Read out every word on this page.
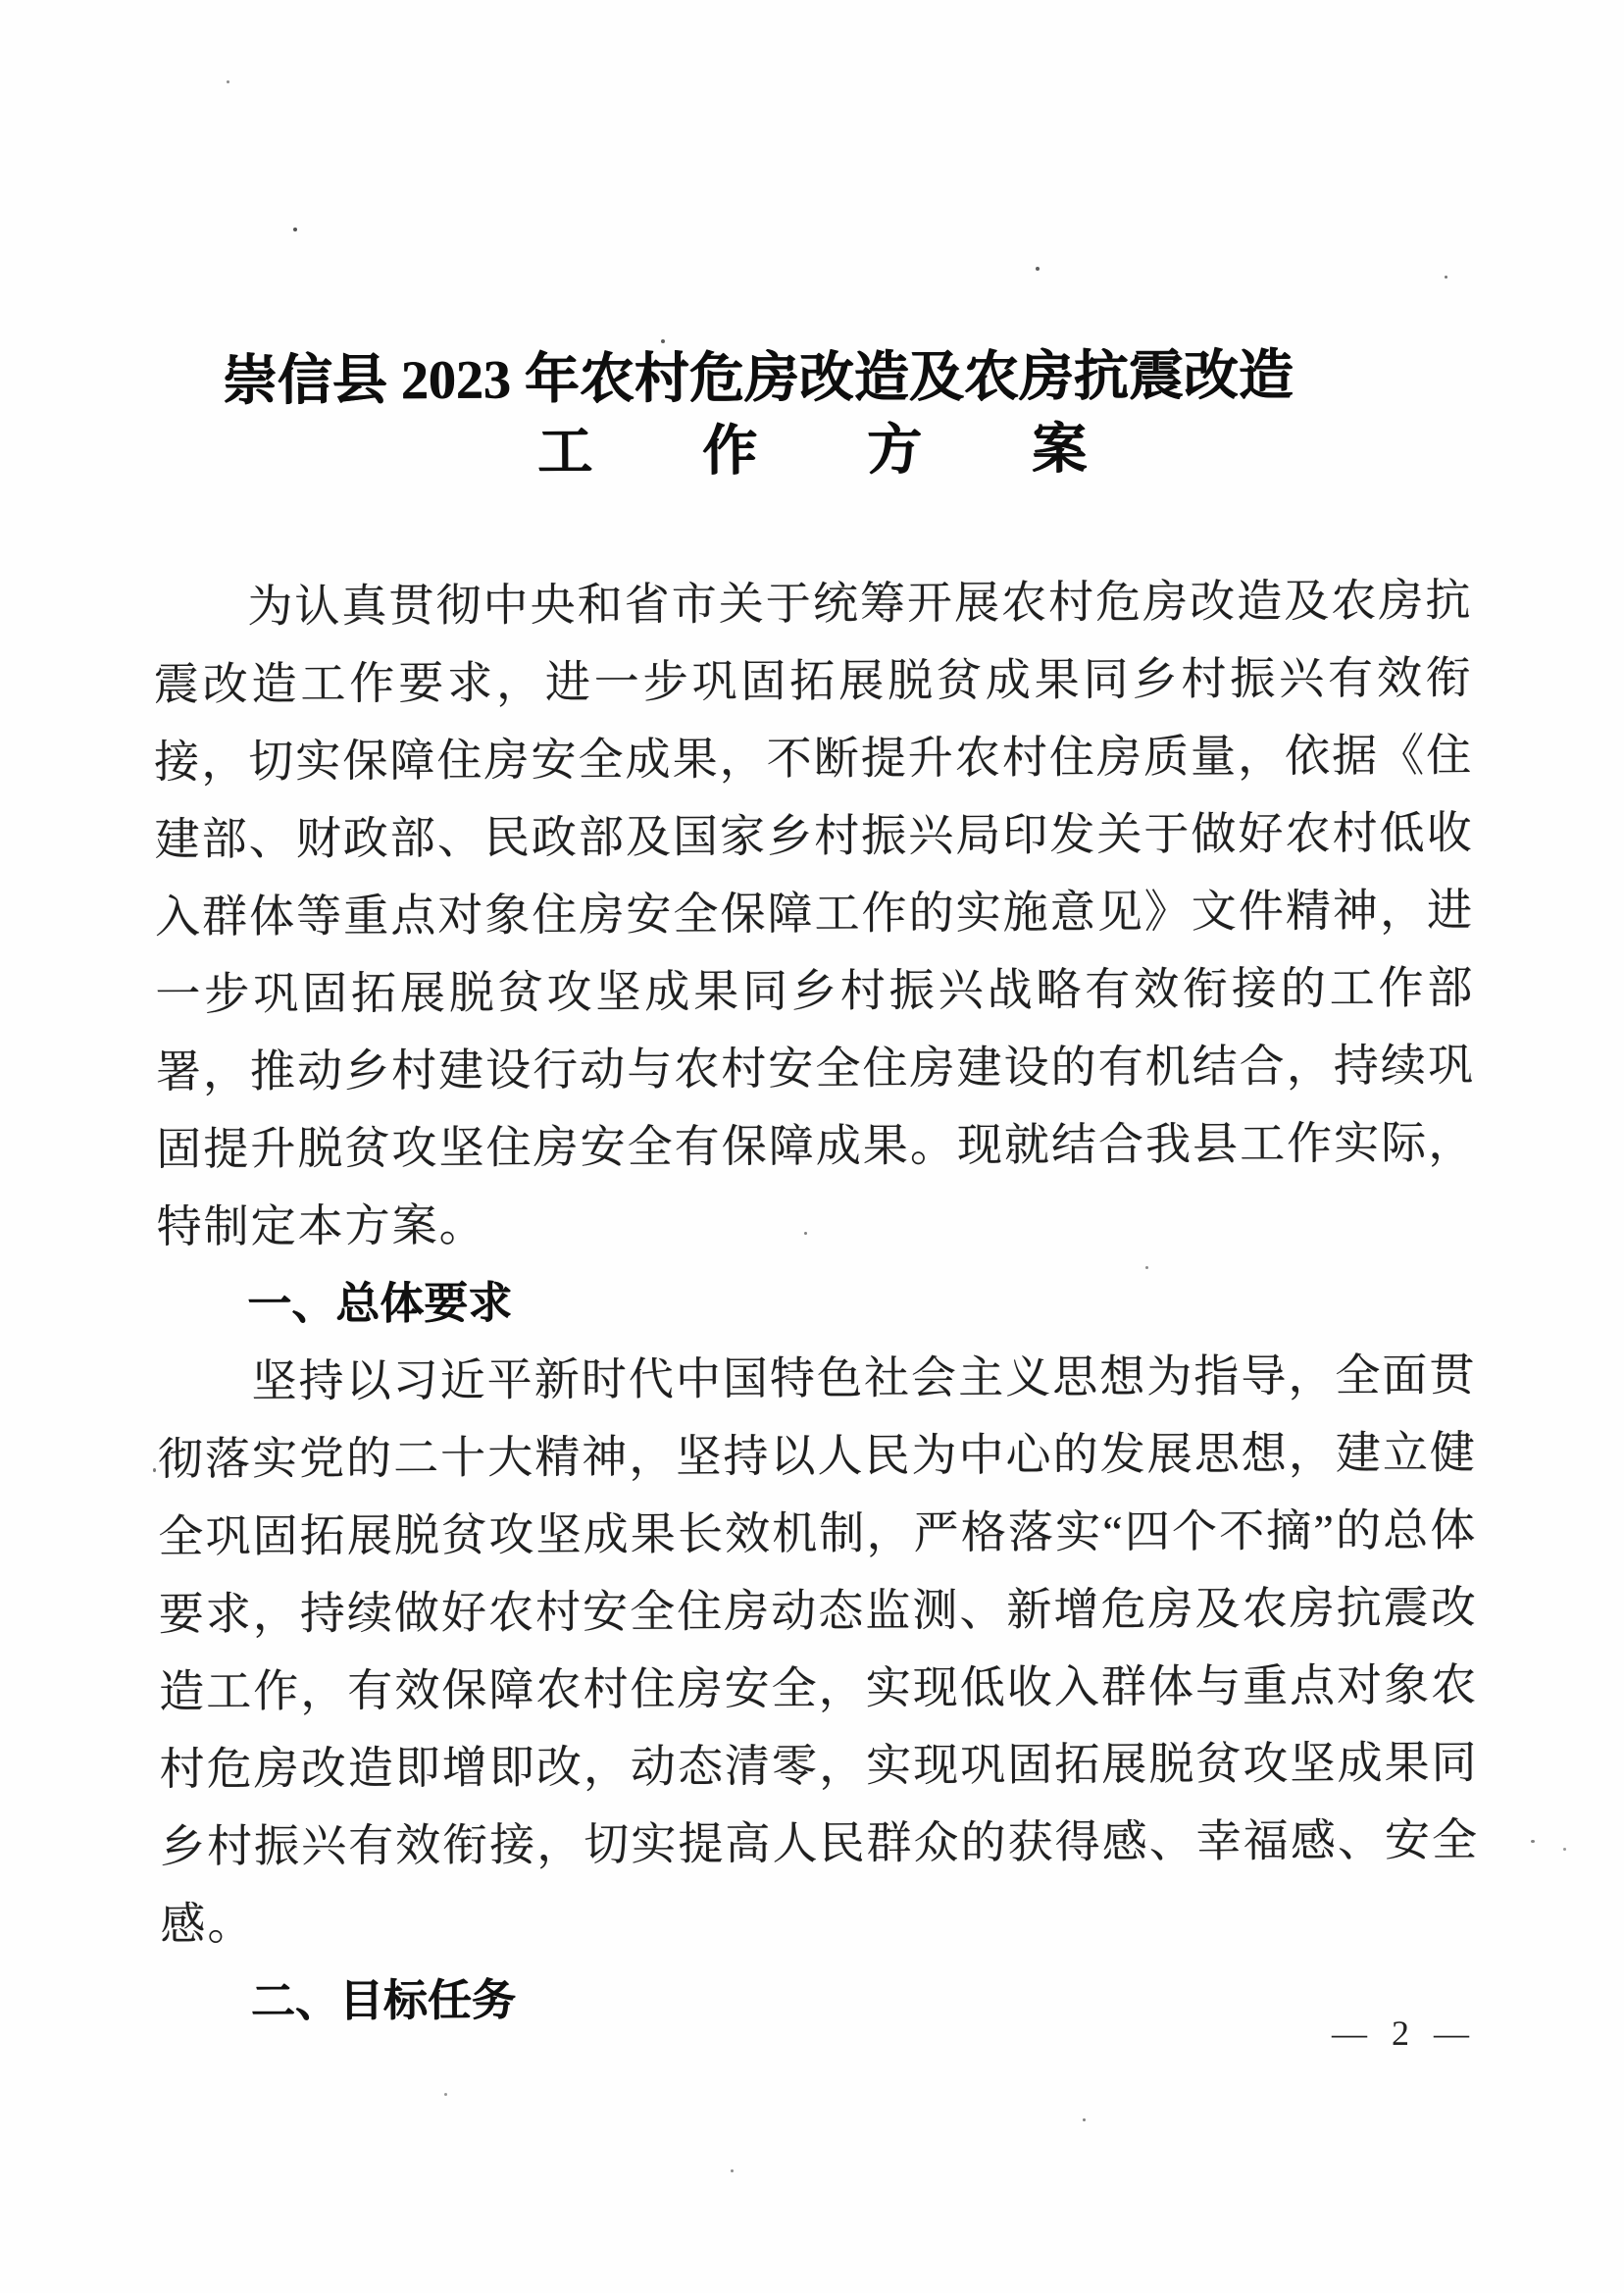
崇信县 2023 年农村危房改造及农房抗震改造
工作方案

为认真贯彻中央和省市关于统筹开展农村危房改造及农房抗震改造工作要求，进一步巩固拓展脱贫成果同乡村振兴有效衔接，切实保障住房安全成果，不断提升农村住房质量，依据《住建部、财政部、民政部及国家乡村振兴局印发关于做好农村低收入群体等重点对象住房安全保障工作的实施意见》文件精神，进一步巩固拓展脱贫攻坚成果同乡村振兴战略有效衔接的工作部署，推动乡村建设行动与农村安全住房建设的有机结合，持续巩固提升脱贫攻坚住房安全有保障成果。现就结合我县工作实际，特制定本方案。

一、总体要求

坚持以习近平新时代中国特色社会主义思想为指导，全面贯彻落实党的二十大精神，坚持以人民为中心的发展思想，建立健全巩固拓展脱贫攻坚成果长效机制，严格落实“四个不摘”的总体要求，持续做好农村安全住房动态监测、新增危房及农房抗震改造工作，有效保障农村住房安全，实现低收入群体与重点对象农村危房改造即增即改，动态清零，实现巩固拓展脱贫攻坚成果同乡村振兴有效衔接，切实提高人民群众的获得感、幸福感、安全感。

二、目标任务
— 2 —
